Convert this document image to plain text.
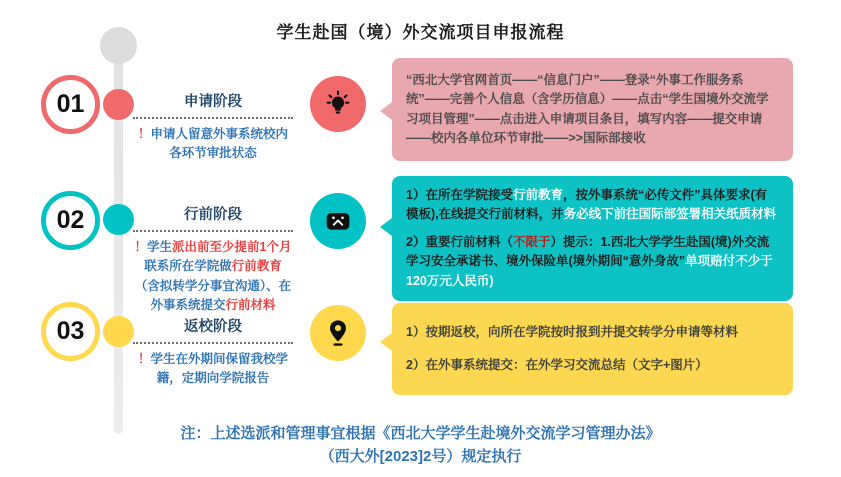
学生赴国（境）外交流项目申报流程
01	申请阶段
！申请人留意外事系统校内各环节审批状态

“西北大学官网首页——“信息门户”——登录“外事工作服务系统”——完善个人信息（含学历信息）——点击“学生国境外交流学习项目管理”——点击进入申请项目条目，填写内容——提交申请——校内各单位环节审批——>>国际部接收

02	行前阶段
！学生派出前至少提前1个月联系所在学院做行前教育（含拟转学分事宜沟通）、在外事系统提交行前材料

1）在所在学院接受行前教育，按外事系统“必传文件”具体要求(有模板),在线提交行前材料，并务必线下前往国际部签署相关纸质材料

2）重要行前材料（不限于）提示：1.西北大学学生赴国(境)外交流学习安全承诺书、境外保险单(境外期间“意外身故”单项赔付不少于120万元人民币)

03	返校阶段
！学生在外期间保留我校学籍，定期向学院报告

1）按期返校，向所在学院按时报到并提交转学分申请等材料

2）在外事系统提交：在外学习交流总结（文字+图片）

注：上述选派和管理事宜根据《西北大学学生赴境外交流学习管理办法》
（西大外[2023]2号）规定执行
